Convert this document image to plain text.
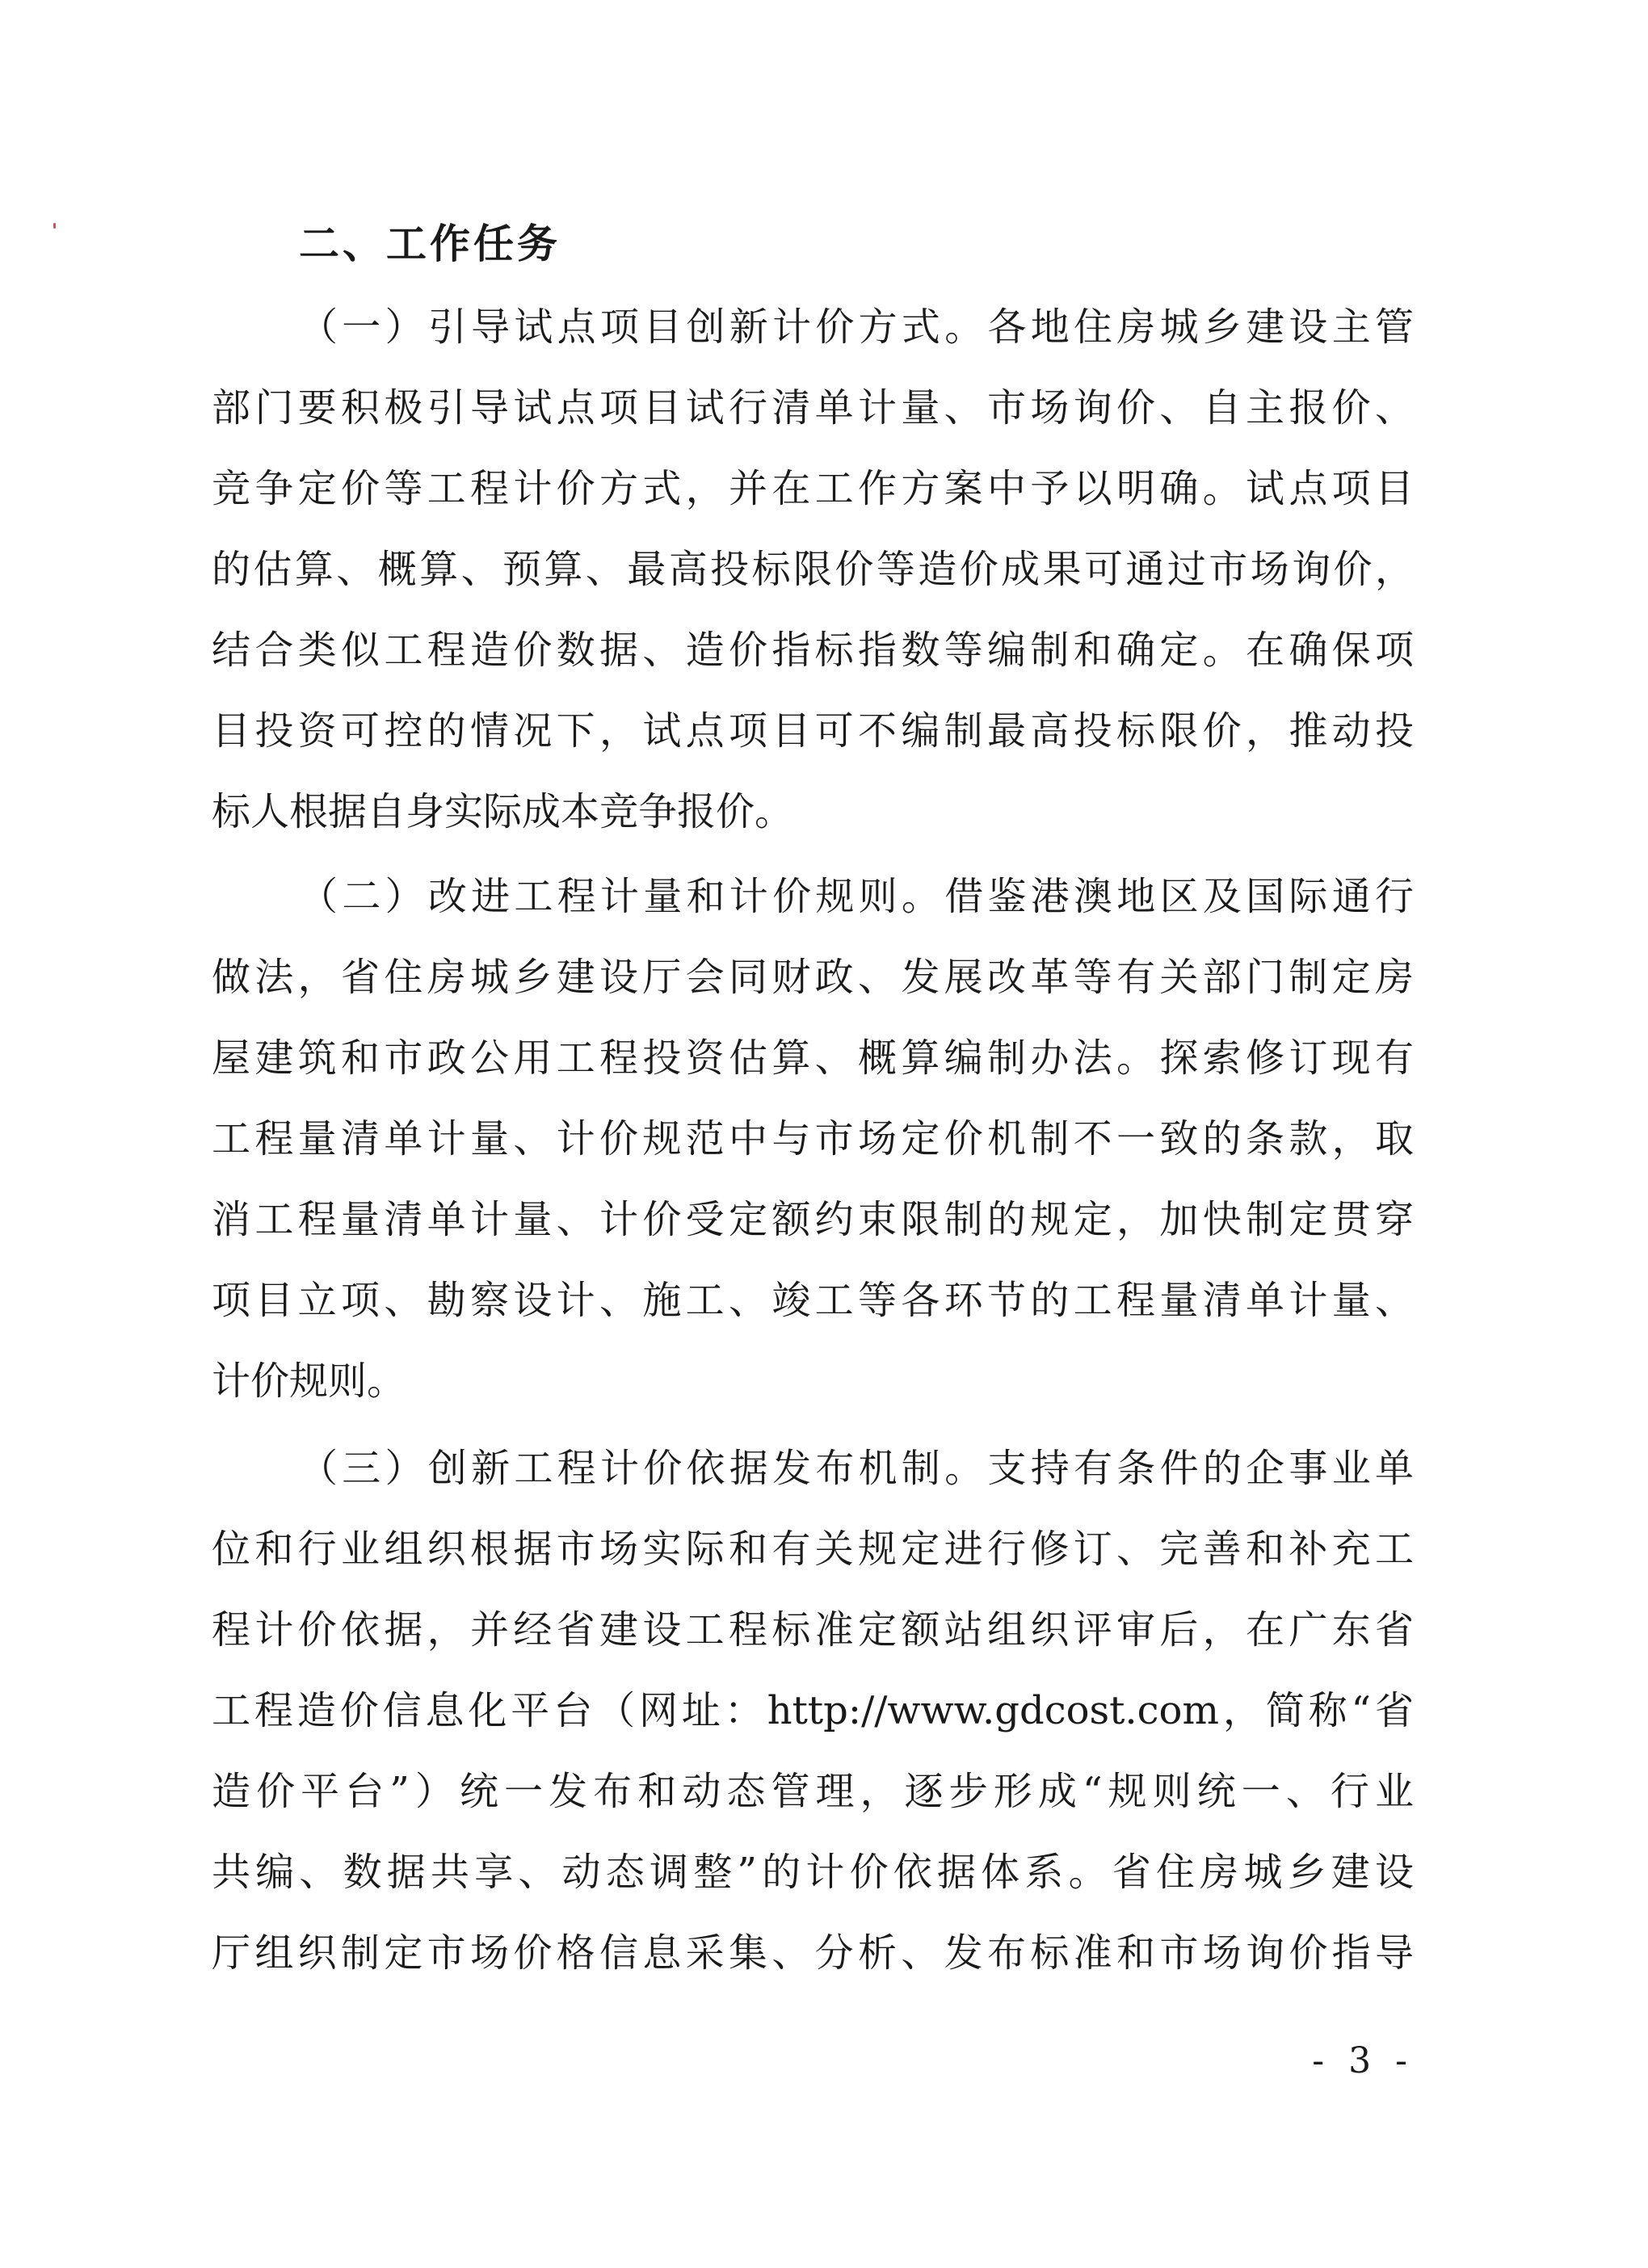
二、工作任务
（一）引导试点项目创新计价方式。各地住房城乡建设主管
部门要积极引导试点项目试行清单计量、市场询价、自主报价、
竞争定价等工程计价方式，并在工作方案中予以明确。试点项目
的估算、概算、预算、最高投标限价等造价成果可通过市场询价，
结合类似工程造价数据、造价指标指数等编制和确定。在确保项
目投资可控的情况下，试点项目可不编制最高投标限价，推动投
标人根据自身实际成本竞争报价。
（二）改进工程计量和计价规则。借鉴港澳地区及国际通行
做法，省住房城乡建设厅会同财政、发展改革等有关部门制定房
屋建筑和市政公用工程投资估算、概算编制办法。探索修订现有
工程量清单计量、计价规范中与市场定价机制不一致的条款，取
消工程量清单计量、计价受定额约束限制的规定，加快制定贯穿
项目立项、勘察设计、施工、竣工等各环节的工程量清单计量、
计价规则。
（三）创新工程计价依据发布机制。支持有条件的企事业单
位和行业组织根据市场实际和有关规定进行修订、完善和补充工
程计价依据，并经省建设工程标准定额站组织评审后，在广东省
工程造价信息化平台（网址：http://www.gdcost.com，简称“省
造价平台”）统一发布和动态管理，逐步形成“规则统一、行业
共编、数据共享、动态调整”的计价依据体系。省住房城乡建设
厅组织制定市场价格信息采集、分析、发布标准和市场询价指导
- 3 -
